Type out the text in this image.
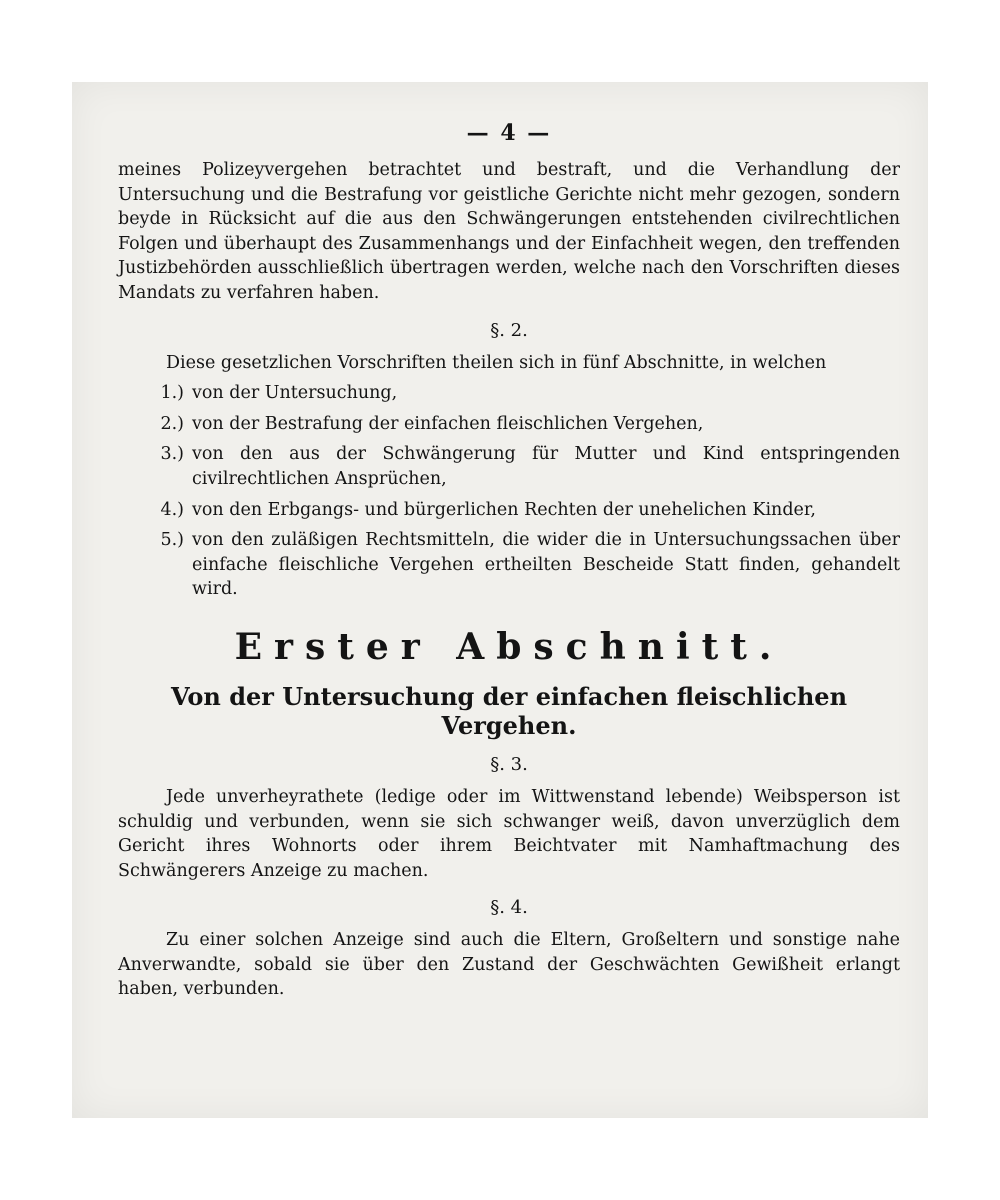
— 4 —

meines Polizeyvergehen betrachtet und bestraft, und die Verhandlung der Untersuchung und die Bestrafung vor geistliche Gerichte nicht mehr gezogen, sondern beyde in Rücksicht auf die aus den Schwängerungen entstehenden civilrechtlichen Folgen und überhaupt des Zusammenhangs und der Einfachheit wegen, den treffenden Justizbehörden ausschließlich übertragen werden, welche nach den Vorschriften dieses Mandats zu verfahren haben.

§. 2.

Diese gesetzlichen Vorschriften theilen sich in fünf Abschnitte, in welchen

1.) von der Untersuchung,
2.) von der Bestrafung der einfachen fleischlichen Vergehen,
3.) von den aus der Schwängerung für Mutter und Kind entspringenden civilrechtlichen Ansprüchen,
4.) von den Erbgangs- und bürgerlichen Rechten der unehelichen Kinder,
5.) von den zuläßigen Rechtsmitteln, die wider die in Untersuchungssachen über einfache fleischliche Vergehen ertheilten Bescheide Statt finden, gehandelt wird.
Erster Abschnitt.
Von der Untersuchung der einfachen fleischlichen Vergehen.
§. 3.

Jede unverheyrathete (ledige oder im Wittwenstand lebende) Weibsperson ist schuldig und verbunden, wenn sie sich schwanger weiß, davon unverzüglich dem Gericht ihres Wohnorts oder ihrem Beichtvater mit Namhaftmachung des Schwängerers Anzeige zu machen.

§. 4.

Zu einer solchen Anzeige sind auch die Eltern, Großeltern und sonstige nahe Anverwandte, sobald sie über den Zustand der Geschwächten Gewißheit erlangt haben, verbunden.
